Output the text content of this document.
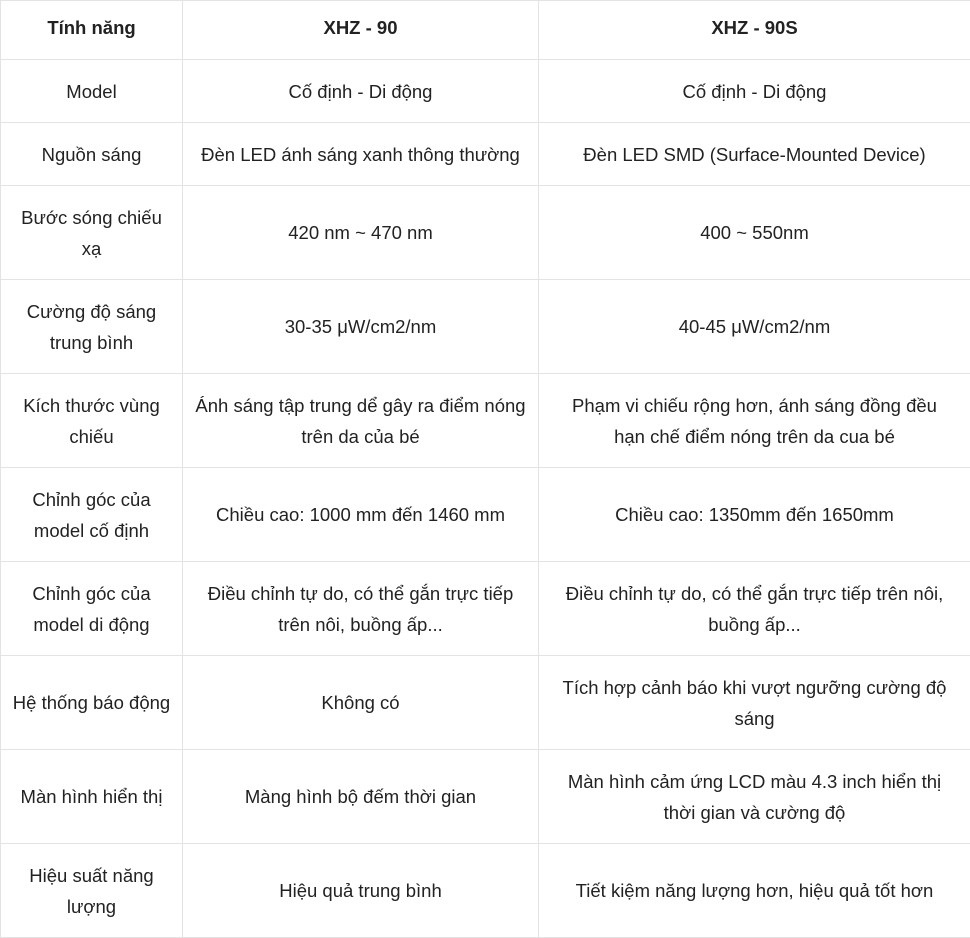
Tính năng	XHZ - 90	XHZ - 90S
Model	Cố định - Di động	Cố định - Di động
Nguồn sáng	Đèn LED ánh sáng xanh thông thường	Đèn LED SMD (Surface-Mounted Device)
Bước sóng chiếu xạ	420 nm ~ 470 nm	400 ~ 550nm
Cường độ sáng trung bình	30-35 μW/cm2/nm	40-45 μW/cm2/nm
Kích thước vùng chiếu	Ánh sáng tập trung dể gây ra điểm nóng trên da của bé	Phạm vi chiếu rộng hơn, ánh sáng đồng đều hạn chế điểm nóng trên da cua bé
Chỉnh góc của model cố định	Chiều cao: 1000 mm đến 1460 mm	Chiều cao: 1350mm đến 1650mm
Chỉnh góc của model di động	Điều chỉnh tự do, có thể gắn trực tiếp trên nôi, buồng ấp...	Điều chỉnh tự do, có thể gắn trực tiếp trên nôi, buồng ấp...
Hệ thống báo động	Không có	Tích hợp cảnh báo khi vượt ngưỡng cường độ sáng
Màn hình hiển thị	Màng hình bộ đếm thời gian	Màn hình cảm ứng LCD màu 4.3 inch hiển thị thời gian và cường độ
Hiệu suất năng lượng	Hiệu quả trung bình	Tiết kiệm năng lượng hơn, hiệu quả tốt hơn
